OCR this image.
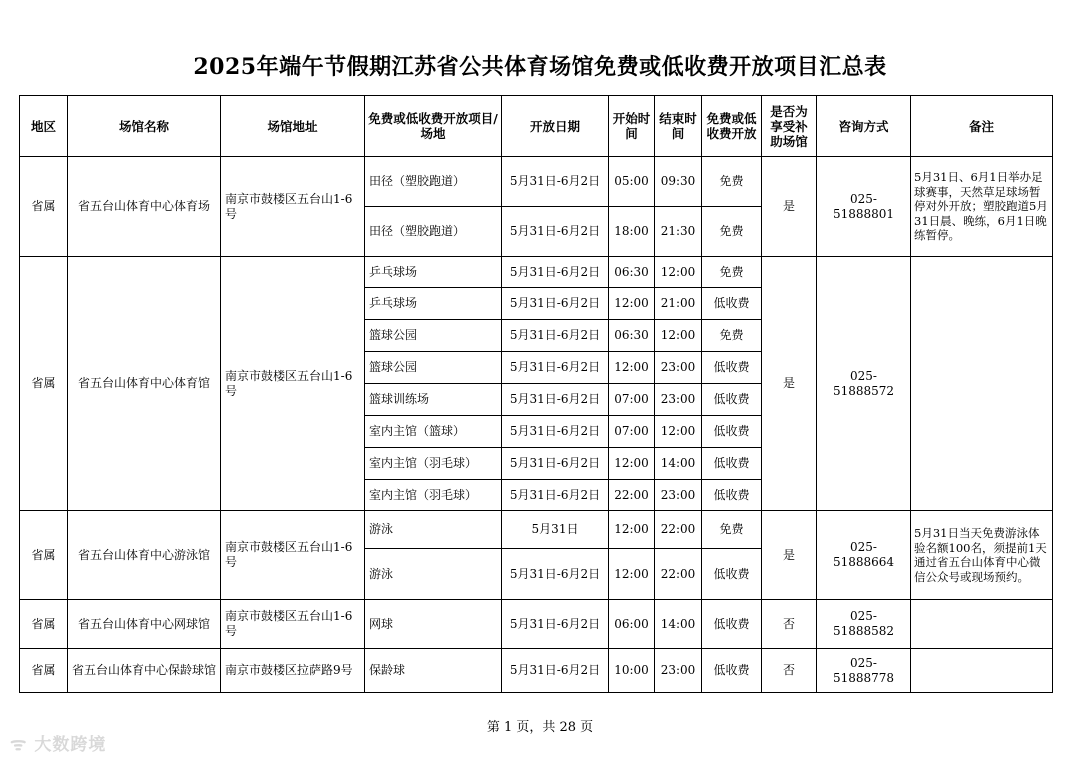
2025年端午节假期江苏省公共体育场馆免费或低收费开放项目汇总表
地区	场馆名称	场馆地址	免费或低收费开放项目/场地	开放日期	开始时间	结束时间	免费或低收费开放	是否为享受补助场馆	咨询方式	备注
省属	省五台山体育中心体育场	南京市鼓楼区五台山1-6号	田径（塑胶跑道）	5月31日-6月2日	05:00	09:30	免费	是	025-51888801	5月31日、6月1日举办足球赛事，天然草足球场暂停对外开放；塑胶跑道5月31日晨、晚练，6月1日晚练暂停。
			田径（塑胶跑道）	5月31日-6月2日	18:00	21:30	免费			
省属	省五台山体育中心体育馆	南京市鼓楼区五台山1-6号	乒乓球场	5月31日-6月2日	06:30	12:00	免费	是	025-51888572	
			乒乓球场	5月31日-6月2日	12:00	21:00	低收费			
			篮球公园	5月31日-6月2日	06:30	12:00	免费			
			篮球公园	5月31日-6月2日	12:00	23:00	低收费			
			篮球训练场	5月31日-6月2日	07:00	23:00	低收费			
			室内主馆（篮球）	5月31日-6月2日	07:00	12:00	低收费			
			室内主馆（羽毛球）	5月31日-6月2日	12:00	14:00	低收费			
			室内主馆（羽毛球）	5月31日-6月2日	22:00	23:00	低收费			
省属	省五台山体育中心游泳馆	南京市鼓楼区五台山1-6号	游泳	5月31日	12:00	22:00	免费	是	025-51888664	5月31日当天免费游泳体验名额100名，须提前1天通过省五台山体育中心微信公众号或现场预约。
			游泳	5月31日-6月2日	12:00	22:00	低收费			
省属	省五台山体育中心网球馆	南京市鼓楼区五台山1-6号	网球	5月31日-6月2日	06:00	14:00	低收费	否	025-51888582	
省属	省五台山体育中心保龄球馆	南京市鼓楼区拉萨路9号	保龄球	5月31日-6月2日	10:00	23:00	低收费	否	025-51888778	
第 1 页，共 28 页
ᯤ 大数跨境
